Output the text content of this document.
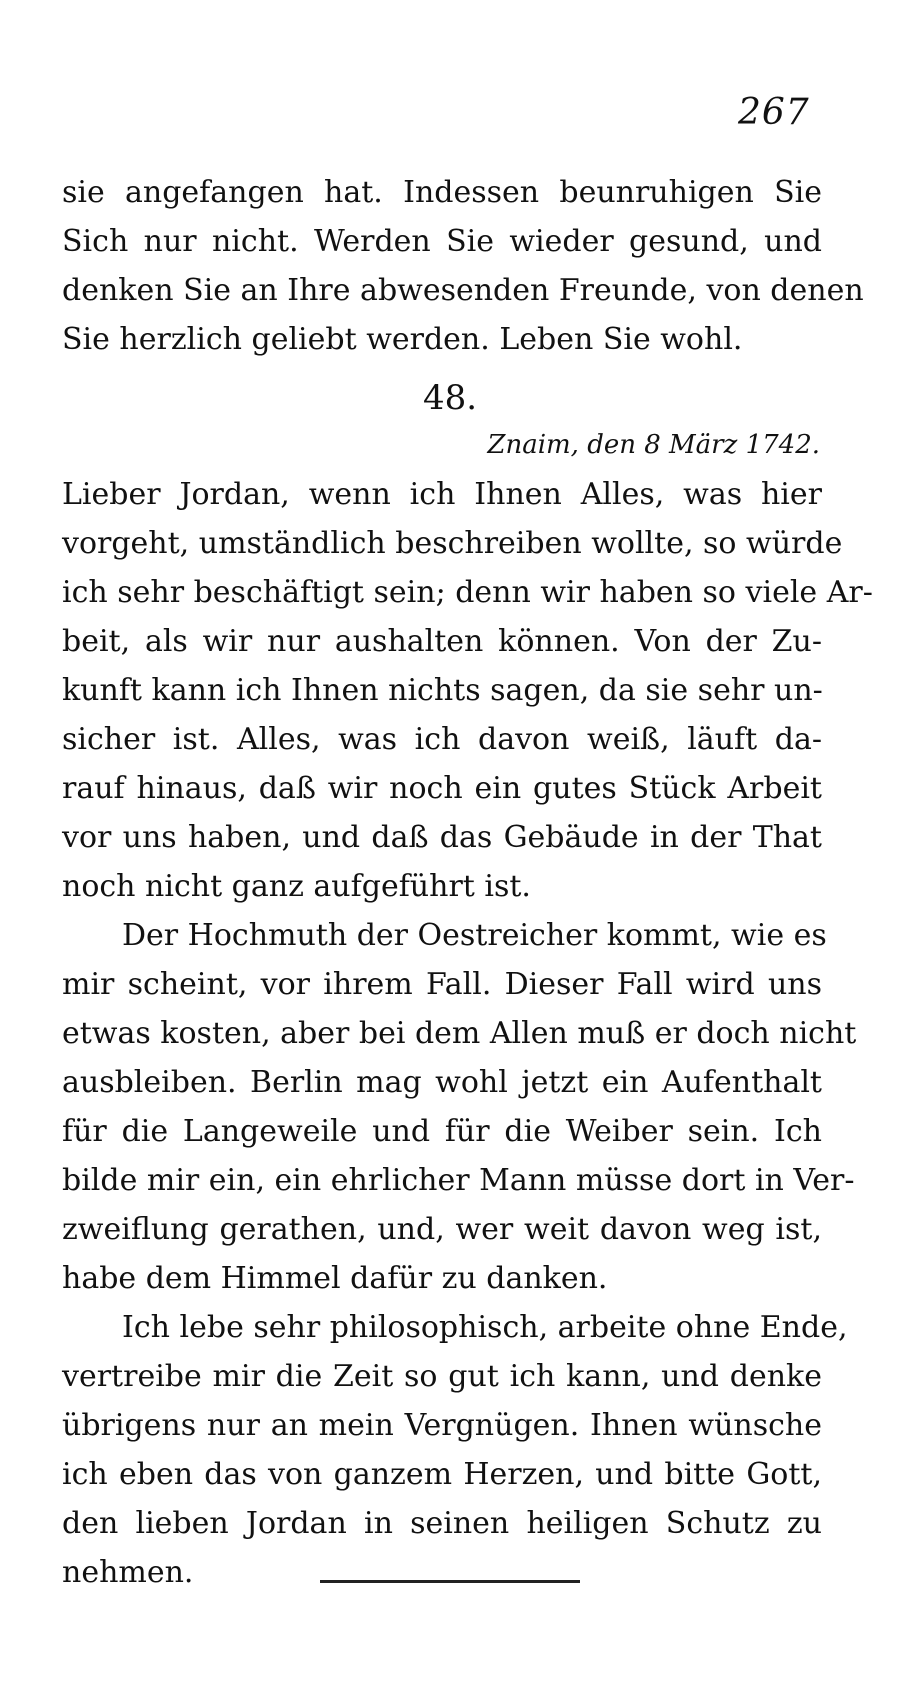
267
sie angefangen hat. Indessen beunruhigen Sie
Sich nur nicht. Werden Sie wieder gesund, und
denken Sie an Ihre abwesenden Freunde, von denen
Sie herzlich geliebt werden. Leben Sie wohl.
48.
Znaim, den 8 März 1742.
Lieber Jordan, wenn ich Ihnen Alles, was hier
vorgeht, umständlich beschreiben wollte, so würde
ich sehr beschäftigt sein; denn wir haben so viele Ar-
beit, als wir nur aushalten können. Von der Zu-
kunft kann ich Ihnen nichts sagen, da sie sehr un-
sicher ist. Alles, was ich davon weiß, läuft da-
rauf hinaus, daß wir noch ein gutes Stück Arbeit
vor uns haben, und daß das Gebäude in der That
noch nicht ganz aufgeführt ist.
Der Hochmuth der Oestreicher kommt, wie es
mir scheint, vor ihrem Fall. Dieser Fall wird uns
etwas kosten, aber bei dem Allen muß er doch nicht
ausbleiben. Berlin mag wohl jetzt ein Aufenthalt
für die Langeweile und für die Weiber sein. Ich
bilde mir ein, ein ehrlicher Mann müsse dort in Ver-
zweiflung gerathen, und, wer weit davon weg ist,
habe dem Himmel dafür zu danken.
Ich lebe sehr philosophisch, arbeite ohne Ende,
vertreibe mir die Zeit so gut ich kann, und denke
übrigens nur an mein Vergnügen. Ihnen wünsche
ich eben das von ganzem Herzen, und bitte Gott,
den lieben Jordan in seinen heiligen Schutz zu
nehmen.
